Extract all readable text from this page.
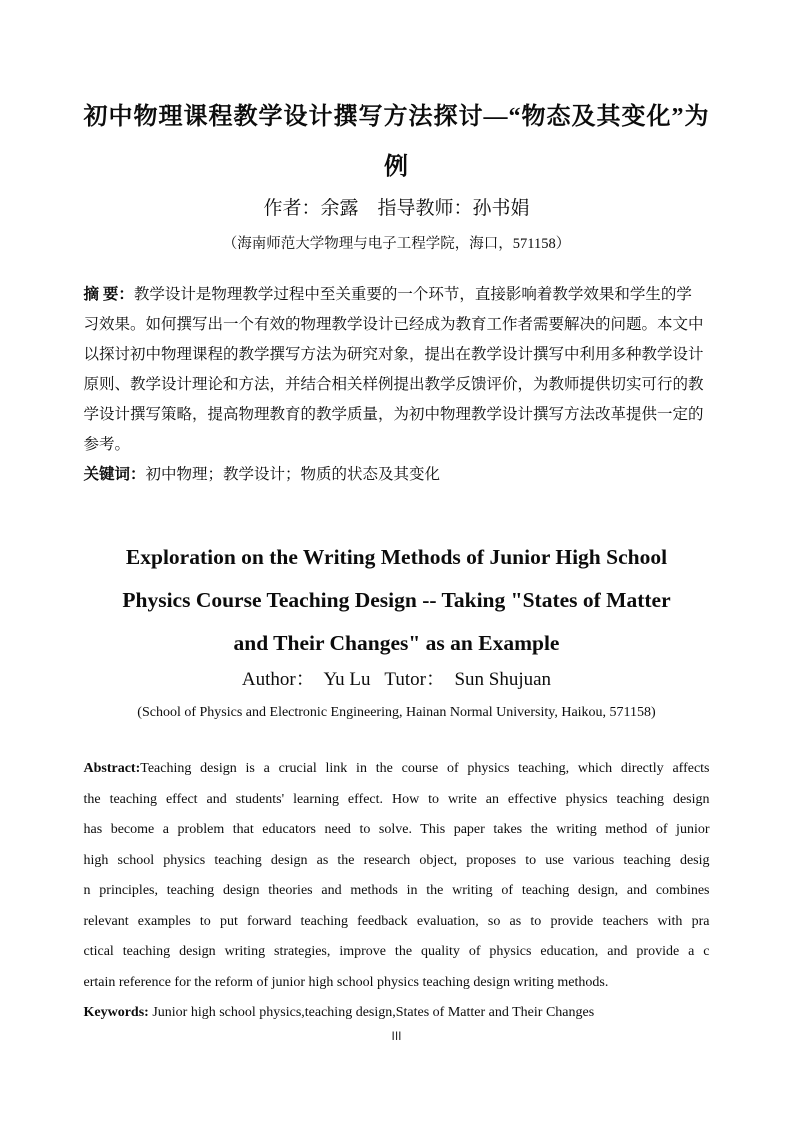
初中物理课程教学设计撰写方法探讨—“物态及其变化”为
例
作者：余露　指导教师：孙书娟
（海南师范大学物理与电子工程学院，海口，571158）
摘 要：教学设计是物理教学过程中至关重要的一个环节，直接影响着教学效果和学生的学
习效果。如何撰写出一个有效的物理教学设计已经成为教育工作者需要解决的问题。本文中
以探讨初中物理课程的教学撰写方法为研究对象，提出在教学设计撰写中利用多种教学设计
原则、教学设计理论和方法，并结合相关样例提出教学反馈评价，为教师提供切实可行的教
学设计撰写策略，提高物理教育的教学质量，为初中物理教学设计撰写方法改革提供一定的
参考。
关键词：初中物理；教学设计；物质的状态及其变化
Exploration on the Writing Methods of Junior High School
Physics Course Teaching Design -- Taking "States of Matter
and Their Changes" as an Example
Author：  Yu Lu   Tutor：  Sun Shujuan
(School of Physics and Electronic Engineering, Hainan Normal University, Haikou, 571158)
Abstract:Teaching design is a crucial link in the course of physics teaching, which directly affects
the teaching effect and students' learning effect. How to write an effective physics teaching design
has become a problem that educators need to solve. This paper takes the writing method of junior
high school physics teaching design as the research object, proposes to use various teaching desig
n principles, teaching design theories and methods in the writing of teaching design, and combines
relevant examples to put forward teaching feedback evaluation, so as to provide teachers with pra
ctical teaching design writing strategies, improve the quality of physics education, and provide a c
ertain reference for the reform of junior high school physics teaching design writing methods.
Keywords: Junior high school physics,teaching design,States of Matter and Their Changes
III
